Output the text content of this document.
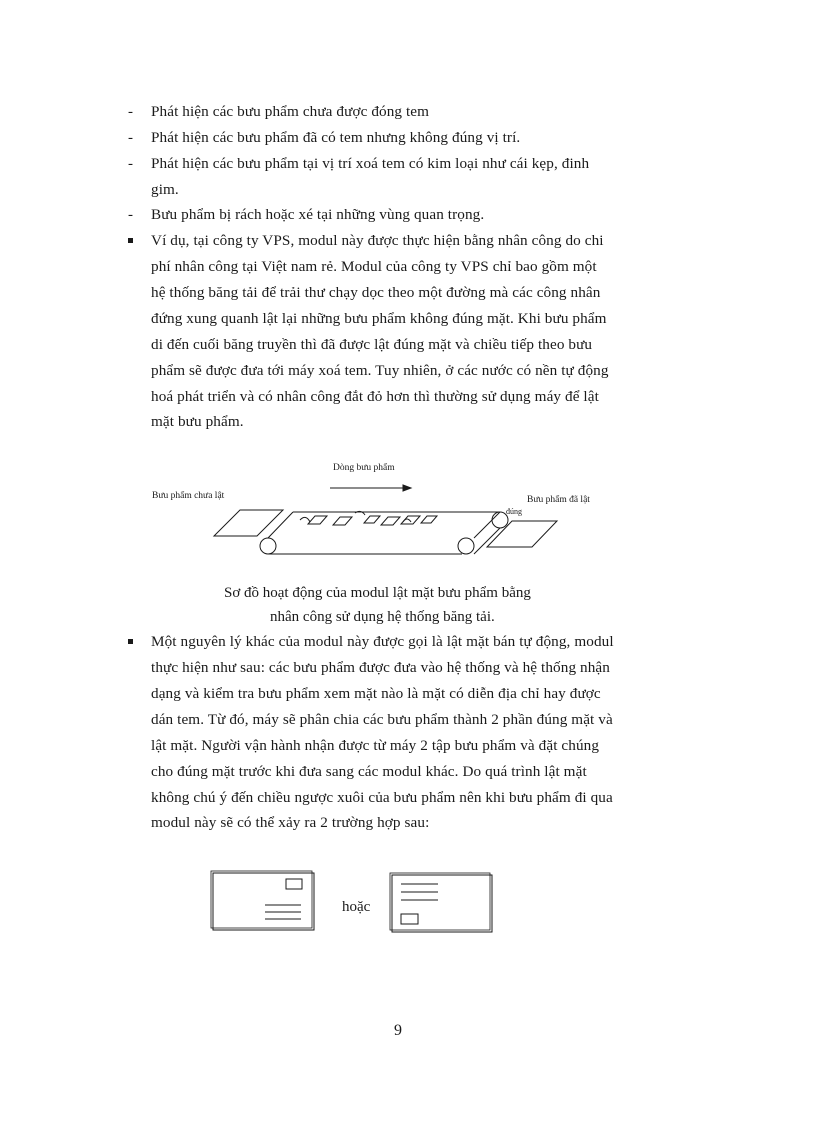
- Phát hiện các bưu phẩm chưa được đóng tem
- Phát hiện các bưu phẩm đã có tem nhưng không đúng vị trí.
- Phát hiện các bưu phẩm tại vị trí xoá tem có kim loại như cái kẹp, đinh
gim.
- Bưu phẩm bị rách hoặc xé tại những vùng quan trọng.
Ví dụ, tại công ty VPS, modul này được thực hiện bằng nhân công do chi
phí nhân công tại Việt nam rẻ. Modul của công ty VPS chỉ bao gồm một
hệ thống băng tải để trải thư chạy dọc theo một đường mà các công nhân
đứng xung quanh lật lại những bưu phẩm không đúng mặt. Khi bưu phẩm
di đến cuối băng truyền thì đã được lật đúng mặt và chiều tiếp theo bưu
phẩm sẽ được đưa tới máy xoá tem. Tuy nhiên, ở các nước có nền tự động
hoá phát triển và có nhân công đắt đỏ hơn thì thường sử dụng máy để lật
mặt bưu phẩm.
Dòng bưu phẩm
Bưu phẩm chưa lật	Bưu phẩm đã lật
đúng
Sơ đồ hoạt động của modul lật mặt bưu phẩm bằng
nhân công sử dụng hệ thống băng tải.
Một nguyên lý khác của modul này được gọi là lật mặt bán tự động, modul
thực hiện như sau: các bưu phẩm được đưa vào hệ thống và hệ thống nhận
dạng và kiểm tra bưu phẩm xem mặt nào là mặt có diễn địa chỉ hay được
dán tem. Từ đó, máy sẽ phân chia các bưu phẩm thành 2 phần đúng mặt và
lật mặt. Người vận hành nhận được từ máy 2 tập bưu phẩm và đặt chúng
cho đúng mặt trước khi đưa sang các modul khác. Do quá trình lật mặt
không chú ý đến chiều ngược xuôi của bưu phẩm nên khi bưu phẩm đi qua
modul này sẽ có thể xảy ra 2 trường hợp sau:
hoặc
9
